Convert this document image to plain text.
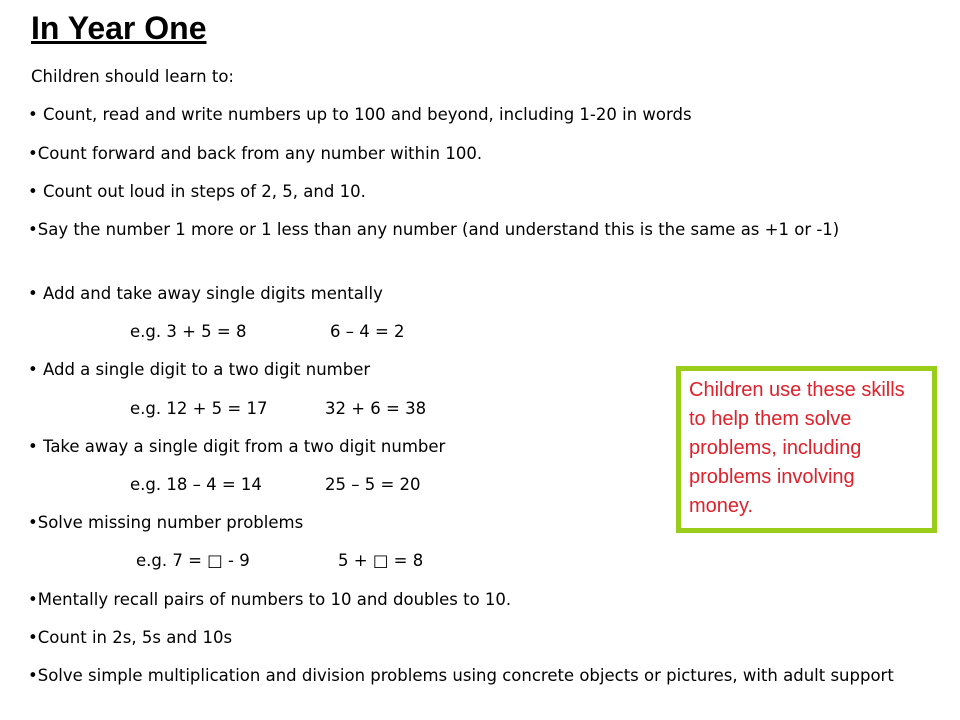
In Year One
Children should learn to:
• Count, read and write numbers up to 100 and beyond, including 1-20 in words
•Count forward and back from any number within 100.
• Count out loud in steps of 2, 5, and 10.
•Say the number 1 more or 1 less than any number (and understand this is the same as +1 or -1)
• Add and take away single digits mentally
e.g. 3 + 5 = 8	6 – 4 = 2
• Add a single digit to a two digit number
e.g. 12 + 5 = 17	32 + 6 = 38
• Take away a single digit from a two digit number
e.g. 18 – 4 = 14	25 – 5 = 20
•Solve missing number problems
e.g. 7 = □ - 9	5 + □ = 8
•Mentally recall pairs of numbers to 10 and doubles to 10.
•Count in 2s, 5s and 10s
•Solve simple multiplication and division problems using concrete objects or pictures, with adult support
Children use these skills to help them solve problems, including problems involving money.
